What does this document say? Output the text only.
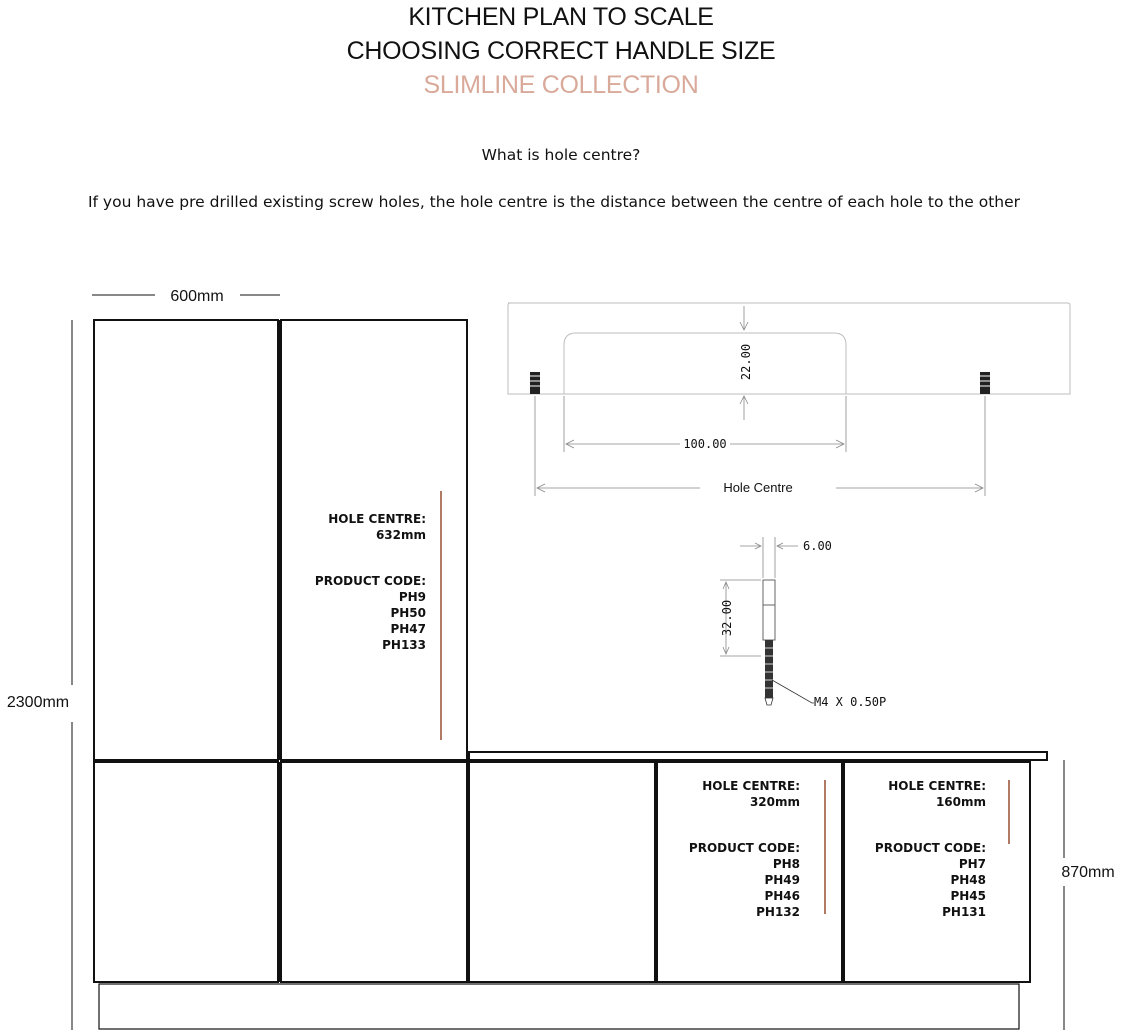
KITCHEN PLAN TO SCALE
CHOOSING CORRECT HANDLE SIZE
SLIMLINE COLLECTION
What is hole centre?
If you have pre drilled existing screw holes, the hole centre is the distance between the centre of each hole to the other
600mm
2300mm
870mm
HOLE CENTRE:
632mm
PRODUCT CODE:
PH9
PH50
PH47
PH133
HOLE CENTRE:
320mm
PRODUCT CODE:
PH8
PH49
PH46
PH132
HOLE CENTRE:
160mm
PRODUCT CODE:
PH7
PH48
PH45
PH131
22.00
100.00
Hole Centre
6.00
32.00
M4 X 0.50P
